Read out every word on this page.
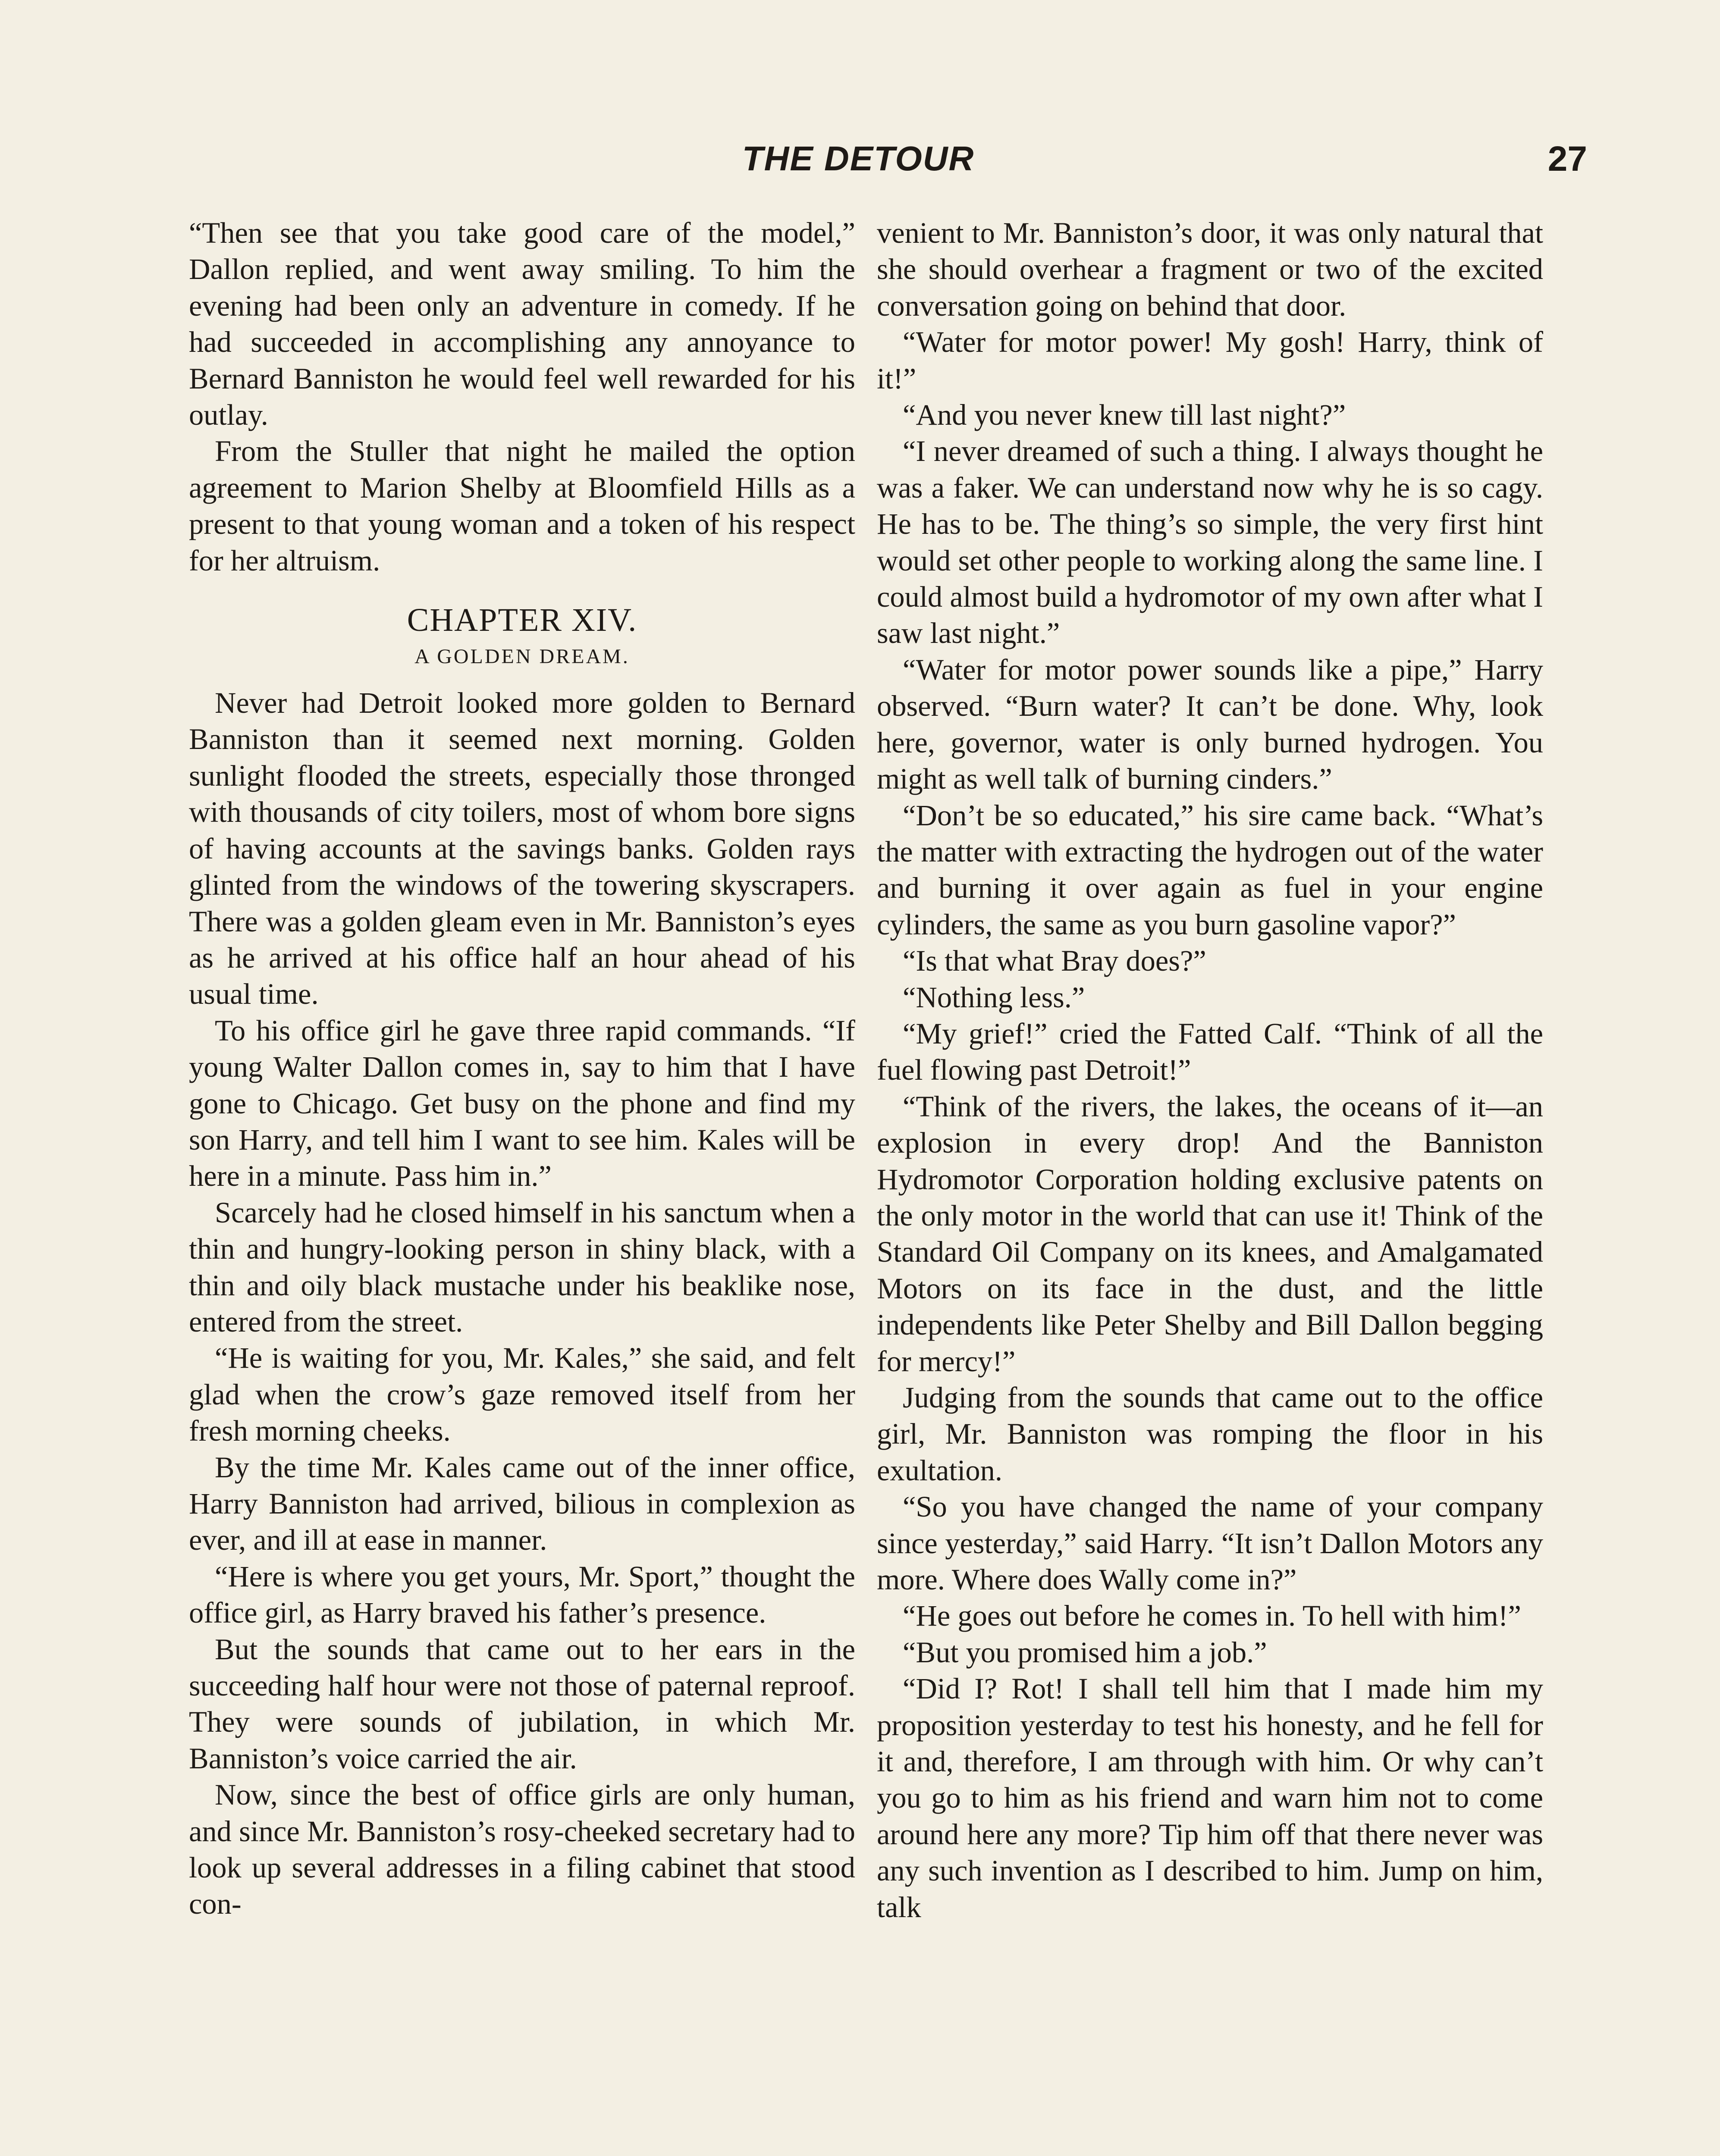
THE DETOUR	27

“Then see that you take good care of the model,” Dallon replied, and went away smiling. To him the evening had been only an adventure in comedy. If he had succeeded in accomplishing any annoyance to Bernard Banniston he would feel well rewarded for his outlay.

From the Stuller that night he mailed the option agreement to Marion Shelby at Bloomfield Hills as a present to that young woman and a token of his respect for her altruism.

CHAPTER XIV.
A GOLDEN DREAM.

Never had Detroit looked more golden to Bernard Banniston than it seemed next morning. Golden sunlight flooded the streets, especially those thronged with thousands of city toilers, most of whom bore signs of having accounts at the savings banks. Golden rays glinted from the windows of the towering skyscrapers. There was a golden gleam even in Mr. Banniston’s eyes as he arrived at his office half an hour ahead of his usual time.

To his office girl he gave three rapid commands. “If young Walter Dallon comes in, say to him that I have gone to Chicago. Get busy on the phone and find my son Harry, and tell him I want to see him. Kales will be here in a minute. Pass him in.”

Scarcely had he closed himself in his sanctum when a thin and hungry-looking person in shiny black, with a thin and oily black mustache under his beaklike nose, entered from the street.

“He is waiting for you, Mr. Kales,” she said, and felt glad when the crow’s gaze removed itself from her fresh morning cheeks.

By the time Mr. Kales came out of the inner office, Harry Banniston had arrived, bilious in complexion as ever, and ill at ease in manner.

“Here is where you get yours, Mr. Sport,” thought the office girl, as Harry braved his father’s presence.

But the sounds that came out to her ears in the succeeding half hour were not those of paternal reproof. They were sounds of jubilation, in which Mr. Banniston’s voice carried the air.

Now, since the best of office girls are only human, and since Mr. Banniston’s rosy-cheeked secretary had to look up several addresses in a filing cabinet that stood con-

venient to Mr. Banniston’s door, it was only natural that she should overhear a fragment or two of the excited conversation going on behind that door.

“Water for motor power! My gosh! Harry, think of it!”

“And you never knew till last night?”

“I never dreamed of such a thing. I always thought he was a faker. We can understand now why he is so cagy. He has to be. The thing’s so simple, the very first hint would set other people to working along the same line. I could almost build a hydromotor of my own after what I saw last night.”

“Water for motor power sounds like a pipe,” Harry observed. “Burn water? It can’t be done. Why, look here, governor, water is only burned hydrogen. You might as well talk of burning cinders.”

“Don’t be so educated,” his sire came back. “What’s the matter with extracting the hydrogen out of the water and burning it over again as fuel in your engine cylinders, the same as you burn gasoline vapor?”

“Is that what Bray does?”

“Nothing less.”

“My grief!” cried the Fatted Calf. “Think of all the fuel flowing past Detroit!”

“Think of the rivers, the lakes, the oceans of it—an explosion in every drop! And the Banniston Hydromotor Corporation holding exclusive patents on the only motor in the world that can use it! Think of the Standard Oil Company on its knees, and Amalgamated Motors on its face in the dust, and the little independents like Peter Shelby and Bill Dallon begging for mercy!”

Judging from the sounds that came out to the office girl, Mr. Banniston was romping the floor in his exultation.

“So you have changed the name of your company since yesterday,” said Harry. “It isn’t Dallon Motors any more. Where does Wally come in?”

“He goes out before he comes in. To hell with him!”

“But you promised him a job.”

“Did I? Rot! I shall tell him that I made him my proposition yesterday to test his honesty, and he fell for it and, therefore, I am through with him. Or why can’t you go to him as his friend and warn him not to come around here any more? Tip him off that there never was any such invention as I described to him. Jump on him, talk
